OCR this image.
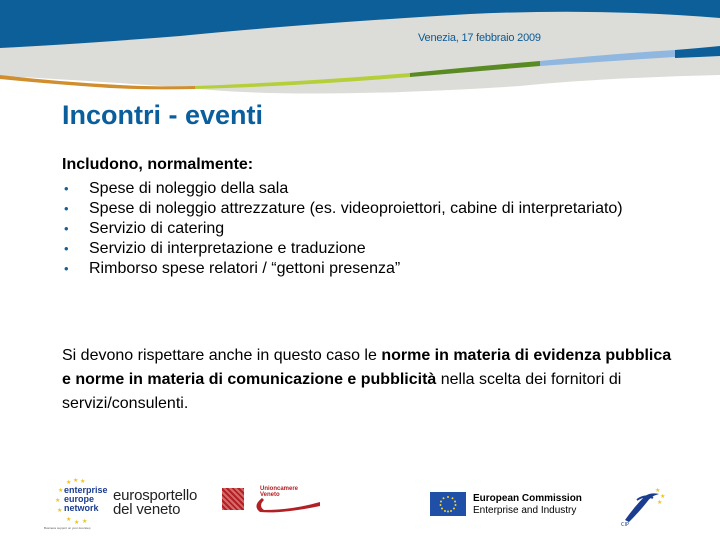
Venezia, 17 febbraio 2009
Incontri - eventi
Includono, normalmente:
• Spese di noleggio della sala
• Spese di noleggio attrezzature (es. videoproiettori, cabine di interpretariato)
• Servizio di catering
• Servizio di interpretazione e traduzione
• Rimborso spese relatori / “gettoni presenza”

Si devono rispettare anche in questo caso le norme in materia di evidenza pubblica e norme in materia di comunicazione e pubblicità nella scelta dei fornitori di servizi/consulenti.

★ ★ ★
★
★
★
★ ★ ★
enterprise
europe
network
Business support on your doorstep
eurosportello
del veneto
Unioncamere
Veneto	European Commission
Enterprise and Industry
★
★
★
CIP
